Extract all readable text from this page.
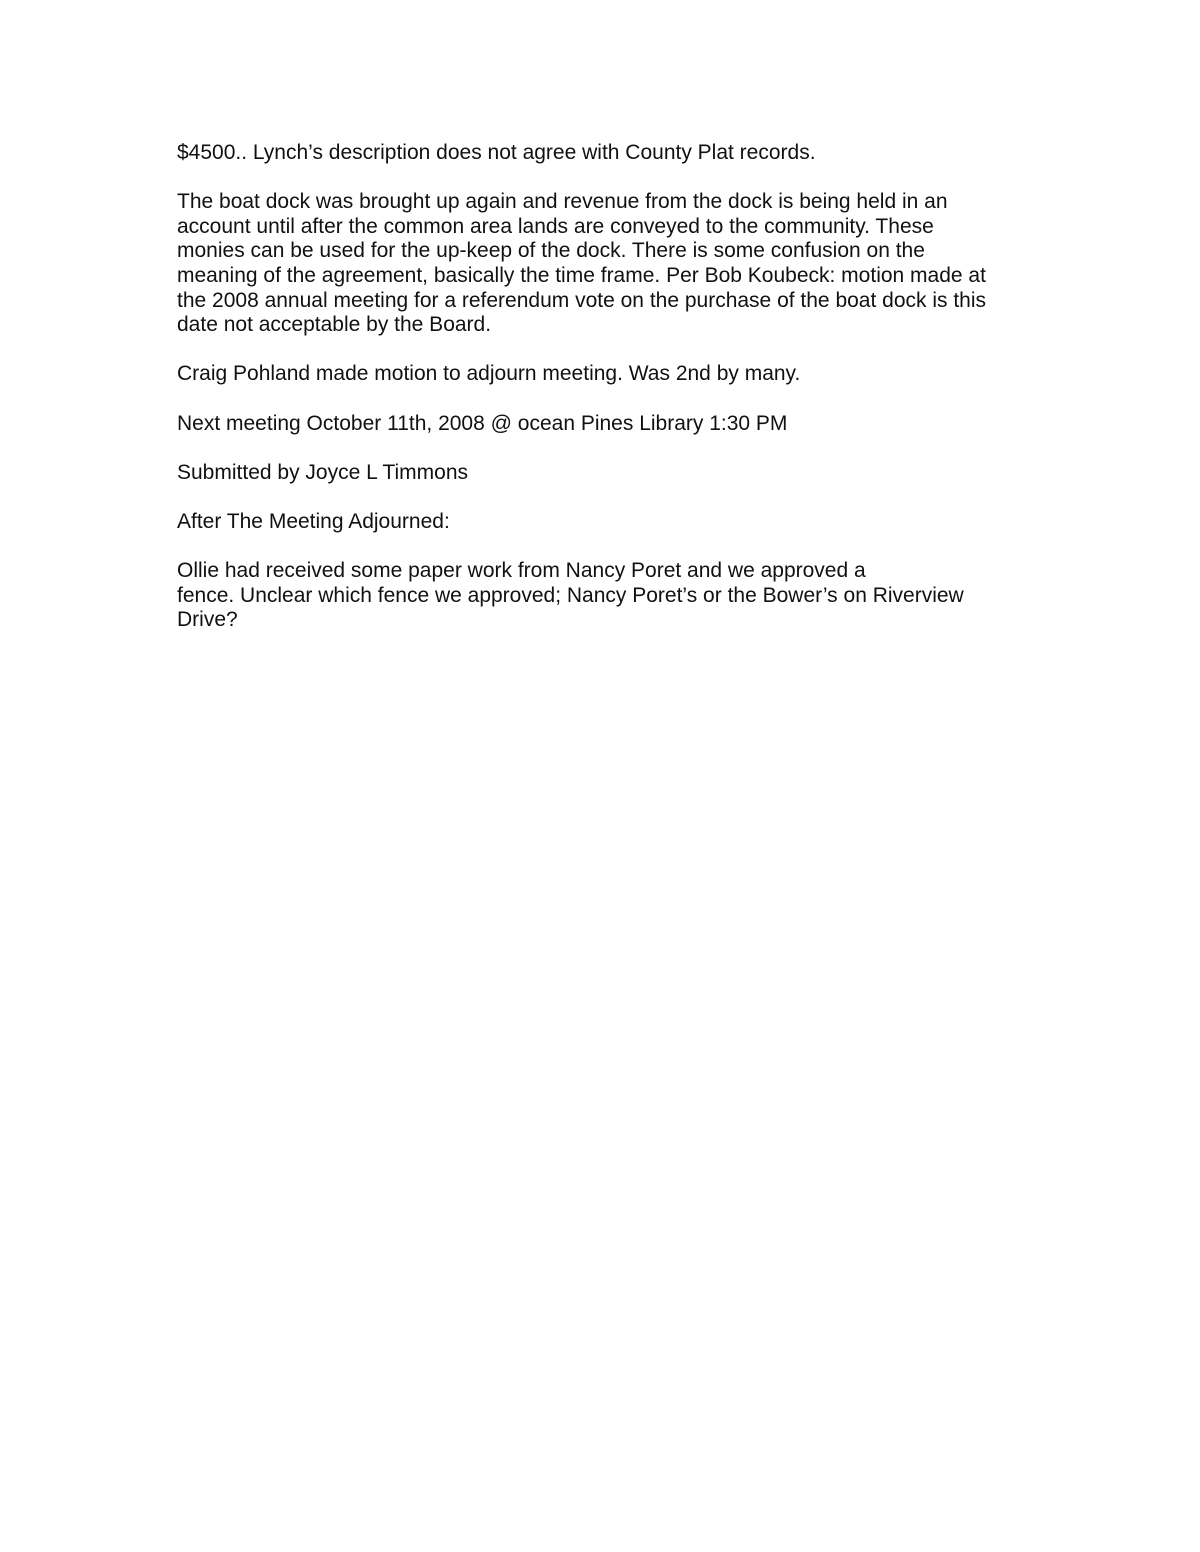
$4500.. Lynch’s description does not agree with County Plat records.

The boat dock was brought up again and revenue from the dock is being held in an
account until after the common area lands are conveyed to the community. These
monies can be used for the up-keep of the dock. There is some confusion on the
meaning of the agreement, basically the time frame. Per Bob Koubeck: motion made at
the 2008 annual meeting for a referendum vote on the purchase of the boat dock is this
date not acceptable by the Board.

Craig Pohland made motion to adjourn meeting. Was 2nd by many.

Next meeting October 11th, 2008 @ ocean Pines Library 1:30 PM

Submitted by Joyce L Timmons

After The Meeting Adjourned:

Ollie had received some paper work from Nancy Poret and we approved a
fence. Unclear which fence we approved; Nancy Poret’s or the Bower’s on Riverview
Drive?
